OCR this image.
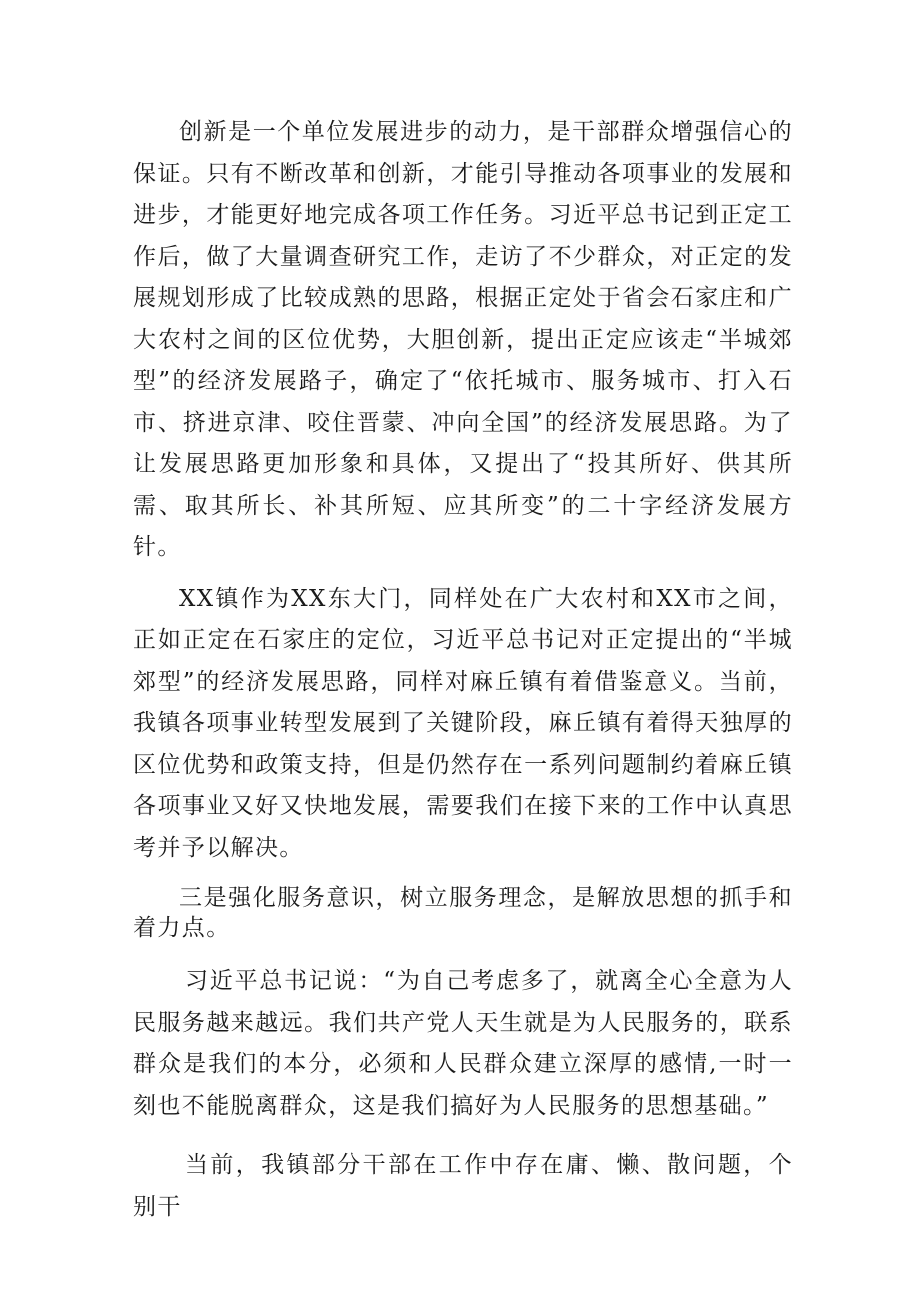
创新是一个单位发展进步的动力，是干部群众增强信心的保证。只有不断改革和创新，才能引导推动各项事业的发展和进步，才能更好地完成各项工作任务。习近平总书记到正定工作后，做了大量调查研究工作，走访了不少群众，对正定的发展规划形成了比较成熟的思路，根据正定处于省会石家庄和广大农村之间的区位优势，大胆创新，提出正定应该走“半城郊型”的经济发展路子，确定了“依托城市、服务城市、打入石市、挤进京津、咬住晋蒙、冲向全国”的经济发展思路。为了让发展思路更加形象和具体，又提出了“投其所好、供其所需、取其所长、补其所短、应其所变”的二十字经济发展方针。

XX镇作为XX东大门，同样处在广大农村和XX市之间，正如正定在石家庄的定位，习近平总书记对正定提出的“半城郊型”的经济发展思路，同样对麻丘镇有着借鉴意义。当前，我镇各项事业转型发展到了关键阶段，麻丘镇有着得天独厚的区位优势和政策支持，但是仍然存在一系列问题制约着麻丘镇各项事业又好又快地发展，需要我们在接下来的工作中认真思考并予以解决。

三是强化服务意识，树立服务理念，是解放思想的抓手和着力点。

习近平总书记说：“为自己考虑多了，就离全心全意为人民服务越来越远。我们共产党人天生就是为人民服务的，联系群众是我们的本分，必须和人民群众建立深厚的感情,一时一刻也不能脱离群众，这是我们搞好为人民服务的思想基础。”

当前，我镇部分干部在工作中存在庸、懒、散问题，个别干
